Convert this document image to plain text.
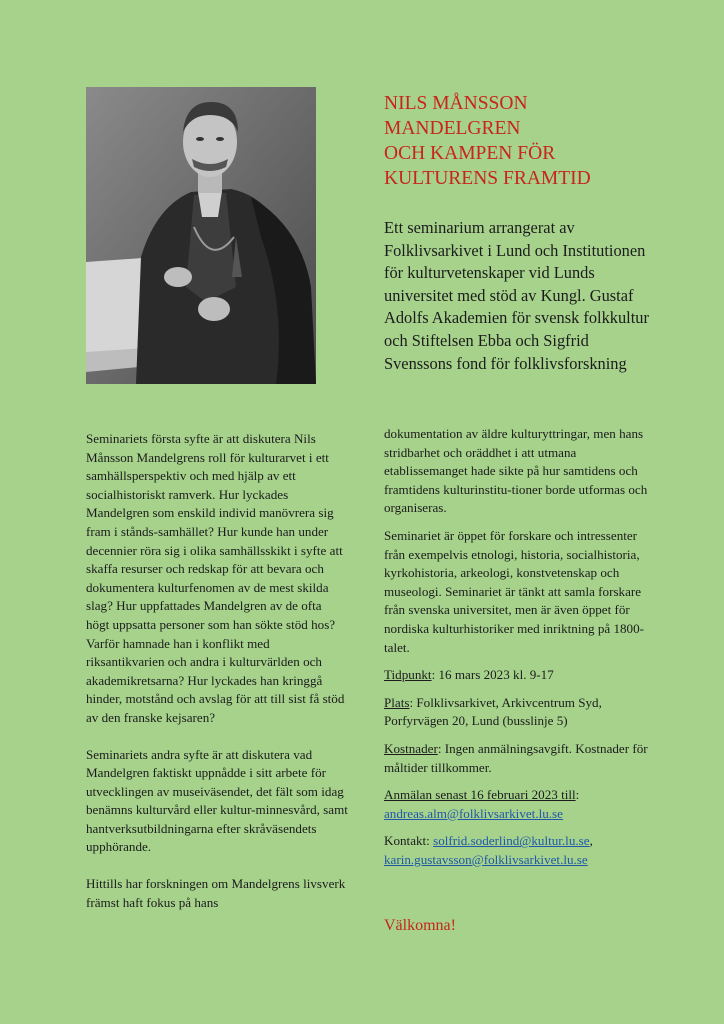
NILS MÅNSSON
MANDELGREN
OCH KAMPEN FÖR
KULTURENS FRAMTID

Ett seminarium arrangerat av Folklivsarkivet i Lund och Institutionen för kulturvetenskaper vid Lunds universitet med stöd av Kungl. Gustaf Adolfs Akademien för svensk folkkultur och Stiftelsen Ebba och Sigfrid Svenssons fond för folklivsforskning

Seminariets första syfte är att diskutera Nils Månsson Mandelgrens roll för kulturarvet i ett samhällsperspektiv och med hjälp av ett socialhistoriskt ramverk. Hur lyckades Mandelgren som enskild individ manövrera sig fram i stånds-samhället? Hur kunde han under decennier röra sig i olika samhällsskikt i syfte att skaffa resurser och redskap för att bevara och dokumentera kulturfenomen av de mest skilda slag? Hur uppfattades Mandelgren av de ofta högt uppsatta personer som han sökte stöd hos? Varför hamnade han i konflikt med riksantikvarien och andra i kulturvärlden och akademikretsarna? Hur lyckades han kringgå hinder, motstånd och avslag för att till sist få stöd av den franske kejsaren?

Seminariets andra syfte är att diskutera vad Mandelgren faktiskt uppnådde i sitt arbete för utvecklingen av museiväsendet, det fält som idag benämns kulturvård eller kultur-minnesvård, samt hantverksutbildningarna efter skråväsendets upphörande.

Hittills har forskningen om Mandelgrens livsverk främst haft fokus på hans

dokumentation av äldre kulturyttringar, men hans stridbarhet och oräddhet i att utmana etablissemanget hade sikte på hur samtidens och framtidens kulturinstitu-tioner borde utformas och organiseras.

Seminariet är öppet för forskare och intressenter från exempelvis etnologi, historia, socialhistoria, kyrkohistoria, arkeologi, konstvetenskap och museologi. Seminariet är tänkt att samla forskare från svenska universitet, men är även öppet för nordiska kulturhistoriker med inriktning på 1800-talet.

Tidpunkt: 16 mars 2023 kl. 9-17

Plats: Folklivsarkivet, Arkivcentrum Syd, Porfyrvägen 20, Lund (busslinje 5)

Kostnader: Ingen anmälningsavgift. Kostnader för måltider tillkommer.

Anmälan senast 16 februari 2023 till:
andreas.alm@folklivsarkivet.lu.se

Kontakt: solfrid.soderlind@kultur.lu.se,
karin.gustavsson@folklivsarkivet.lu.se

Välkomna!
